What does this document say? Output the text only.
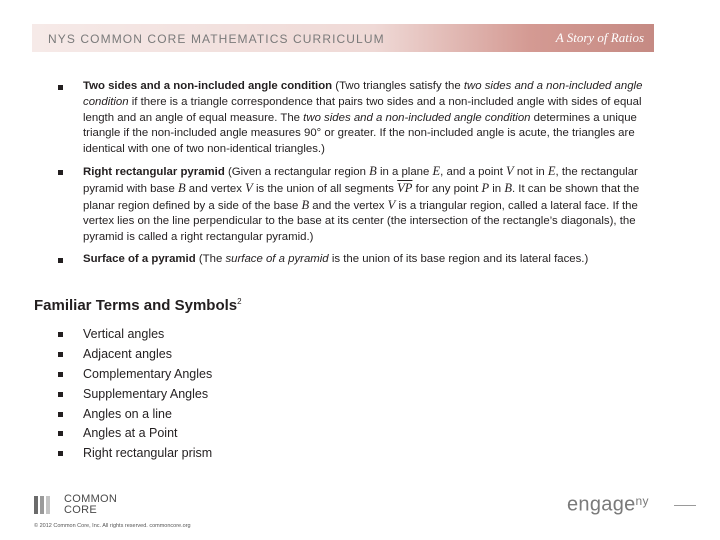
NYS COMMON CORE MATHEMATICS CURRICULUM	A Story of Ratios
Two sides and a non-included angle condition (Two triangles satisfy the two sides and a non-included angle condition if there is a triangle correspondence that pairs two sides and a non-included angle with sides of equal length and an angle of equal measure. The two sides and a non-included angle condition determines a unique triangle if the non-included angle measures 90° or greater. If the non-included angle is acute, the triangles are identical with one of two non-identical triangles.)
Right rectangular pyramid (Given a rectangular region B in a plane E, and a point V not in E, the rectangular pyramid with base B and vertex V is the union of all segments $\overline{VP}$ for any point P in B. It can be shown that the planar region defined by a side of the base B and the vertex V is a triangular region, called a lateral face. If the vertex lies on the line perpendicular to the base at its center (the intersection of the rectangle’s diagonals), the pyramid is called a right rectangular pyramid.)
Surface of a pyramid (The surface of a pyramid is the union of its base region and its lateral faces.)
Familiar Terms and Symbols$^2$
Vertical angles
Adjacent angles
Complementary Angles
Supplementary Angles
Angles on a line
Angles at a Point
Right rectangular prism
COMMON
CORE
© 2012 Common Core, Inc. All rights reserved. commoncore.org
engage$^{ny}$
